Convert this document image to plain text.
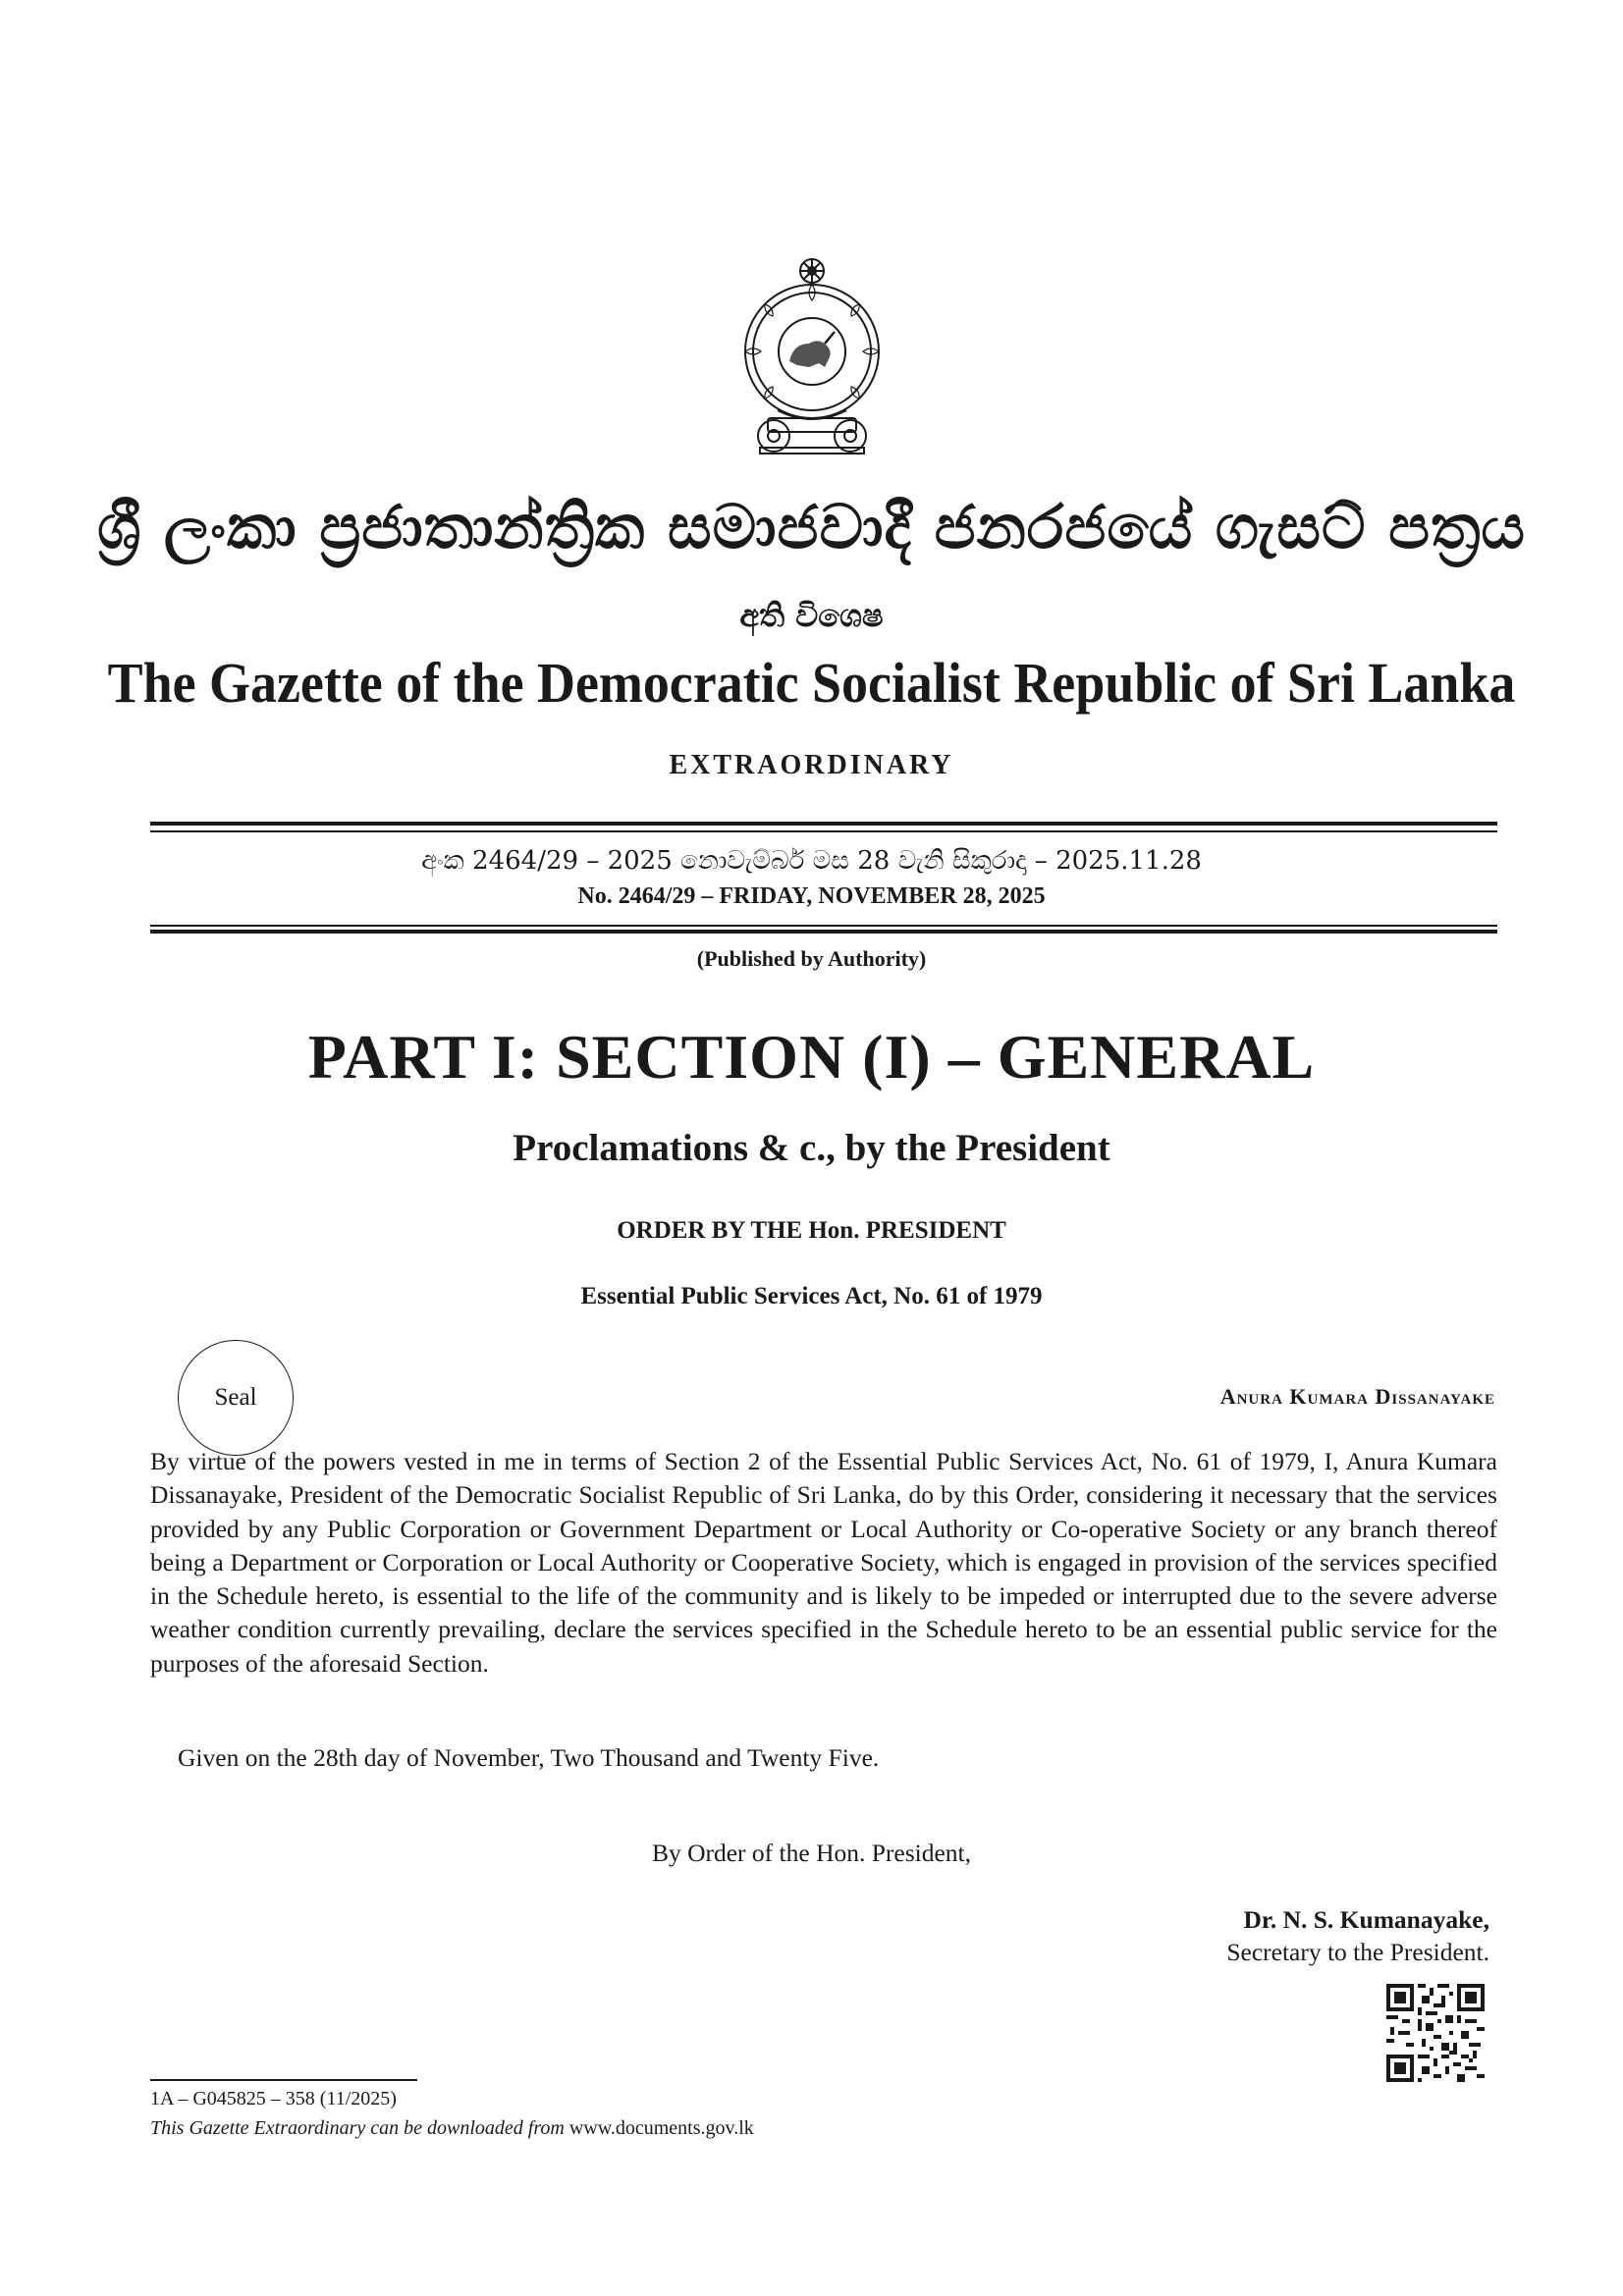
ශ්‍රී ලංකා ප්‍රජාතාන්ත්‍රික සමාජවාදී ජනරජයේ ගැසට් පත්‍රය
අති විශෙෂ
The Gazette of the Democratic Socialist Republic of Sri Lanka
EXTRAORDINARY
අංක 2464/29 – 2025 නොවැම්බර් මස 28 වැනි සිකුරාදා – 2025.11.28
No. 2464/29 – FRIDAY, NOVEMBER 28, 2025
(Published by Authority)
PART I: SECTION (I) – GENERAL
Proclamations & c., by the President
ORDER BY THE Hon. PRESIDENT
Essential Public Services Act, No. 61 of 1979
Seal	Anura Kumara Dissanayake
By virtue of the powers vested in me in terms of Section 2 of the Essential Public Services Act, No. 61 of 1979, I, Anura Kumara Dissanayake, President of the Democratic Socialist Republic of Sri Lanka, do by this Order, considering it necessary that the services provided by any Public Corporation or Government Department or Local Authority or Co-operative Society or any branch thereof being a Department or Corporation or Local Authority or Cooperative Society, which is engaged in provision of the services specified in the Schedule hereto, is essential to the life of the community and is likely to be impeded or interrupted due to the severe adverse weather condition currently prevailing, declare the services specified in the Schedule hereto to be an essential public service for the purposes of the aforesaid Section.
Given on the 28th day of November, Two Thousand and Twenty Five.
By Order of the Hon. President,
Dr. N. S. Kumanayake,
Secretary to the President.
1A – G045825 – 358 (11/2025)
This Gazette Extraordinary can be downloaded from www.documents.gov.lk
